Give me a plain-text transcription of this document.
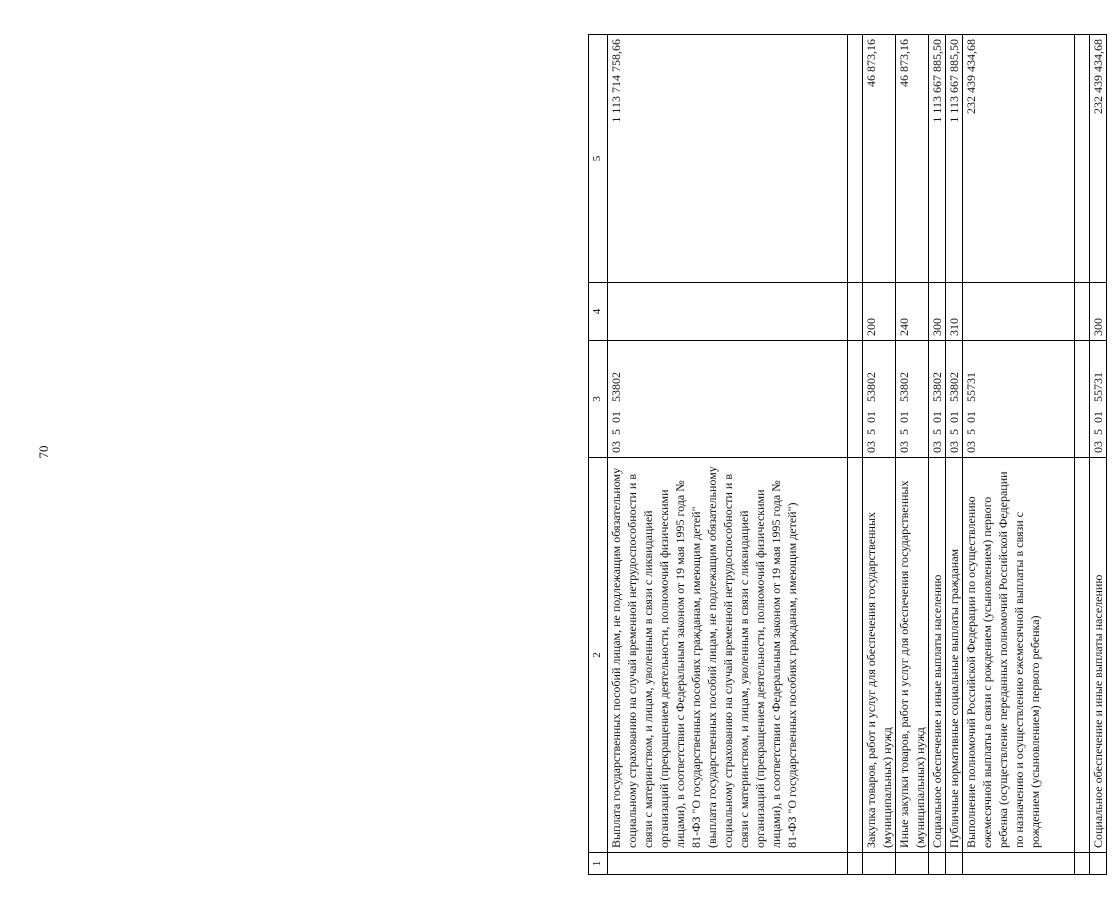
70
1	2	3	4	5
	Выплата государственных пособий лицам, не подлежащим обязательному социальному страхованию на случай временной нетрудоспособности и в связи с материнством, и лицам, уволенным в связи с ликвидацией организаций (прекращением деятельности, полномочий физическими лицами), в соответствии с Федеральным законом от 19 мая 1995 года № 81-ФЗ "О государственных пособиях гражданам, имеющим детей" (выплата государственных пособий лицам, не подлежащим обязательному социальному страхованию на случай временной нетрудоспособности и в связи с материнством, и лицам, уволенным в связи с ликвидацией организаций (прекращением деятельности, полномочий физическими лицами), в соответствии с Федеральным законом от 19 мая 1995 года № 81-ФЗ "О государственных пособиях гражданам, имеющим детей")	03  5  01   53802		1 113 714 758,66

	Закупка товаров, работ и услуг для обеспечения государственных (муниципальных) нужд	03  5  01   53802	200	46 873,16
	Иные закупки товаров, работ и услуг для обеспечения государственных (муниципальных) нужд	03  5  01   53802	240	46 873,16
	Социальное обеспечение и иные выплаты населению	03  5  01   53802	300	1 113 667 885,50
	Публичные нормативные социальные выплаты гражданам	03  5  01   53802	310	1 113 667 885,50
	Выполнение полномочий Российской Федерации по осуществлению ежемесячной выплаты в связи с рождением (усыновлением) первого ребенка (осуществление переданных полномочий Российской Федерации по назначению и осуществлению ежемесячной выплаты в связи с рождением (усыновлением) первого ребенка)	03  5  01   55731		232 439 434,68

	Социальное обеспечение и иные выплаты населению	03  5  01   55731	300	232 439 434,68
